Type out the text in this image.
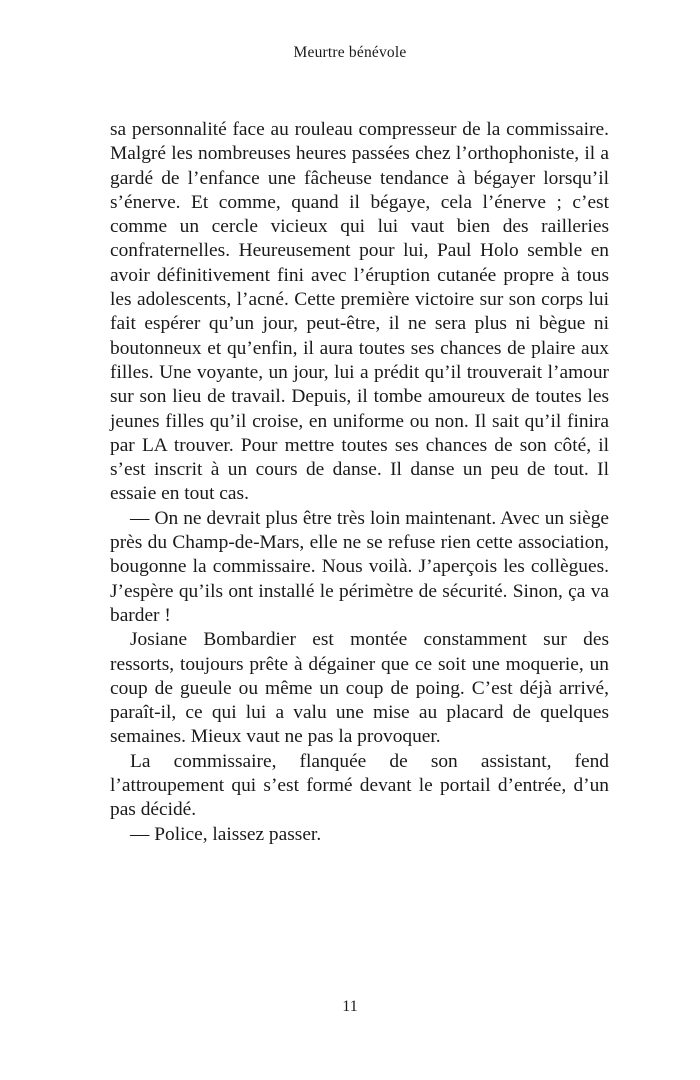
Meurtre bénévole

sa personnalité face au rouleau compresseur de la commissaire. Malgré les nombreuses heures passées chez l’orthophoniste, il a gardé de l’enfance une fâcheuse tendance à bégayer lorsqu’il s’énerve. Et comme, quand il bégaye, cela l’énerve ; c’est comme un cercle vicieux qui lui vaut bien des railleries confraternelles. Heureusement pour lui, Paul Holo semble en avoir définitivement fini avec l’éruption cutanée propre à tous les adolescents, l’acné. Cette première victoire sur son corps lui fait espérer qu’un jour, peut-être, il ne sera plus ni bègue ni boutonneux et qu’enfin, il aura toutes ses chances de plaire aux filles. Une voyante, un jour, lui a prédit qu’il trouverait l’amour sur son lieu de travail. Depuis, il tombe amoureux de toutes les jeunes filles qu’il croise, en uniforme ou non. Il sait qu’il finira par LA trouver. Pour mettre toutes ses chances de son côté, il s’est inscrit à un cours de danse. Il danse un peu de tout. Il essaie en tout cas.

— On ne devrait plus être très loin maintenant. Avec un siège près du Champ-de-Mars, elle ne se refuse rien cette association, bougonne la commissaire. Nous voilà. J’aperçois les collègues. J’espère qu’ils ont installé le périmètre de sécurité. Sinon, ça va barder !

Josiane Bombardier est montée constamment sur des ressorts, toujours prête à dégainer que ce soit une moquerie, un coup de gueule ou même un coup de poing. C’est déjà arrivé, paraît-il, ce qui lui a valu une mise au placard de quelques semaines. Mieux vaut ne pas la provoquer.

La commissaire, flanquée de son assistant, fend l’attroupement qui s’est formé devant le portail d’entrée, d’un pas décidé.

— Police, laissez passer.

11
